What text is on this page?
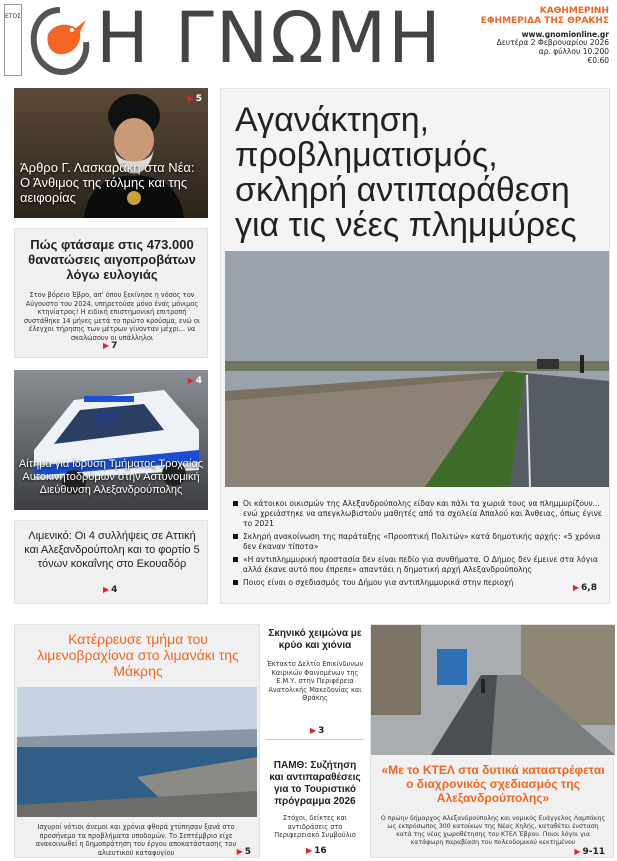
ΕΤΟΣ Η ΓΝΩΜΗ	ΚΑΘΗΜΕΡΙΝΗ
ΕΦΗΜΕΡΙΔΑ ΤΗΣ ΘΡΑΚΗΣ
www.gnomionline.gr
Δευτέρα 2 Φεβρουαρίου 2026
αρ. φύλλου 10.200
€0.60
Άρθρο Γ. Λασκαράκη στα Νέα: Ο Άνθιμος της τόλμης και της αειφορίας
▶ 5
Πώς φτάσαμε στις 473.000 θανατώσεις αιγοπροβάτων λόγω ευλογιάς
Στον βόρειο Έβρο, απ' όπου ξεκίνησε η νόσος τον Αύγουστο του 2024, υπηρετούσε μόνο ένας μόνιμος κτηνίατρος! Η ειδική επιστημονική επιτροπή συστάθηκε 14 μήνες μετά το πρώτο κρούσμα, ενώ οι έλεγχοι τήρησης των μέτρων γίνονταν μέχρι... να σκαλώσουν οι υπάλληλοι
▶ 7
011
Αίτημα για ίδρυση Τμήματος Τροχαίας Αυτοκινητοδρόμων στην Αστυνομική Διεύθυνση Αλεξανδρούπολης
▶ 4
Λιμενικό: Οι 4 συλλήψεις σε Αττική και Αλεξανδρούπολη και το φορτίο 5 τόνων κοκαΐνης στο Εκουαδόρ
▶ 4
Αγανάκτηση, προβληματισμός, σκληρή αντιπαράθεση για τις νέες πλημμύρες
Οι κάτοικοι οικισμών της Αλεξανδρούπολης είδαν και πάλι τα χωριά τους να πλημμυρίζουν... ενώ χρειάστηκε να απεγκλωβιστούν μαθητές από τα σχολεία Απαλού και Άνθειας, όπως έγινε το 2021
Σκληρή ανακοίνωση της παράταξης «Προοπτική Πολιτών» κατά δημοτικής αρχής: «5 χρόνια δεν έκαναν τίποτα»
«Η αντιπλημμυρική προστασία δεν είναι πεδίο για συνθήματα. Ο Δήμος δεν έμεινε στα λόγια αλλά έκανε αυτό που έπρεπε» απαντάει η δημοτική αρχή Αλεξανδρούπολης
Ποιος είναι ο σχεδιασμός του Δήμου για αντιπλημμυρικά στην περιοχή
▶ 6,8
Κατέρρευσε τμήμα του λιμενοβραχίονα στο λιμανάκι της Μάκρης
Ισχυροί νότιοι άνεμοι και χρόνια φθορά χτύπησαν ξανά στο προσήνεμο τα προβλήματα υποδομών. Το Σεπτέμβριο είχε ανακοινωθεί η δημοπράτηση του έργου αποκατάστασης του αλιευτικού καταφυγίου	▶ 5
Σκηνικό χειμώνα με κρύο και χιόνια
Έκτακτο Δελτίο Επικίνδυνων Καιρικών Φαινομένων της Ε.Μ.Υ. στην Περιφέρεια Ανατολικής Μακεδονίας και Θράκης
▶ 3
ΠΑΜΘ: Συζήτηση και αντιπαραθέσεις για το Τουριστικό πρόγραμμα 2026
Στόχοι, δείκτες και αντιδράσεις στο Περιφερειακό Συμβούλιο
▶ 16
«Με το ΚΤΕΛ στα δυτικά καταστρέφεται ο διαχρονικός σχεδιασμός της Αλεξανδρούπολης»
Ο πρώην δήμαρχος Αλεξανδρούπολης και νομικός Ευάγγελος Λαμπάκης ως εκπρόσωπος 300 κατοίκων της Νέας Χηλής, καταθέτει ένσταση κατά της νέας χωροθέτησης του ΚΤΕΛ Έβρου. Ποιοι λόγοι για κατάφωρη παραβίαση του πολεοδομικού κεκτημένου
▶ 9-11
